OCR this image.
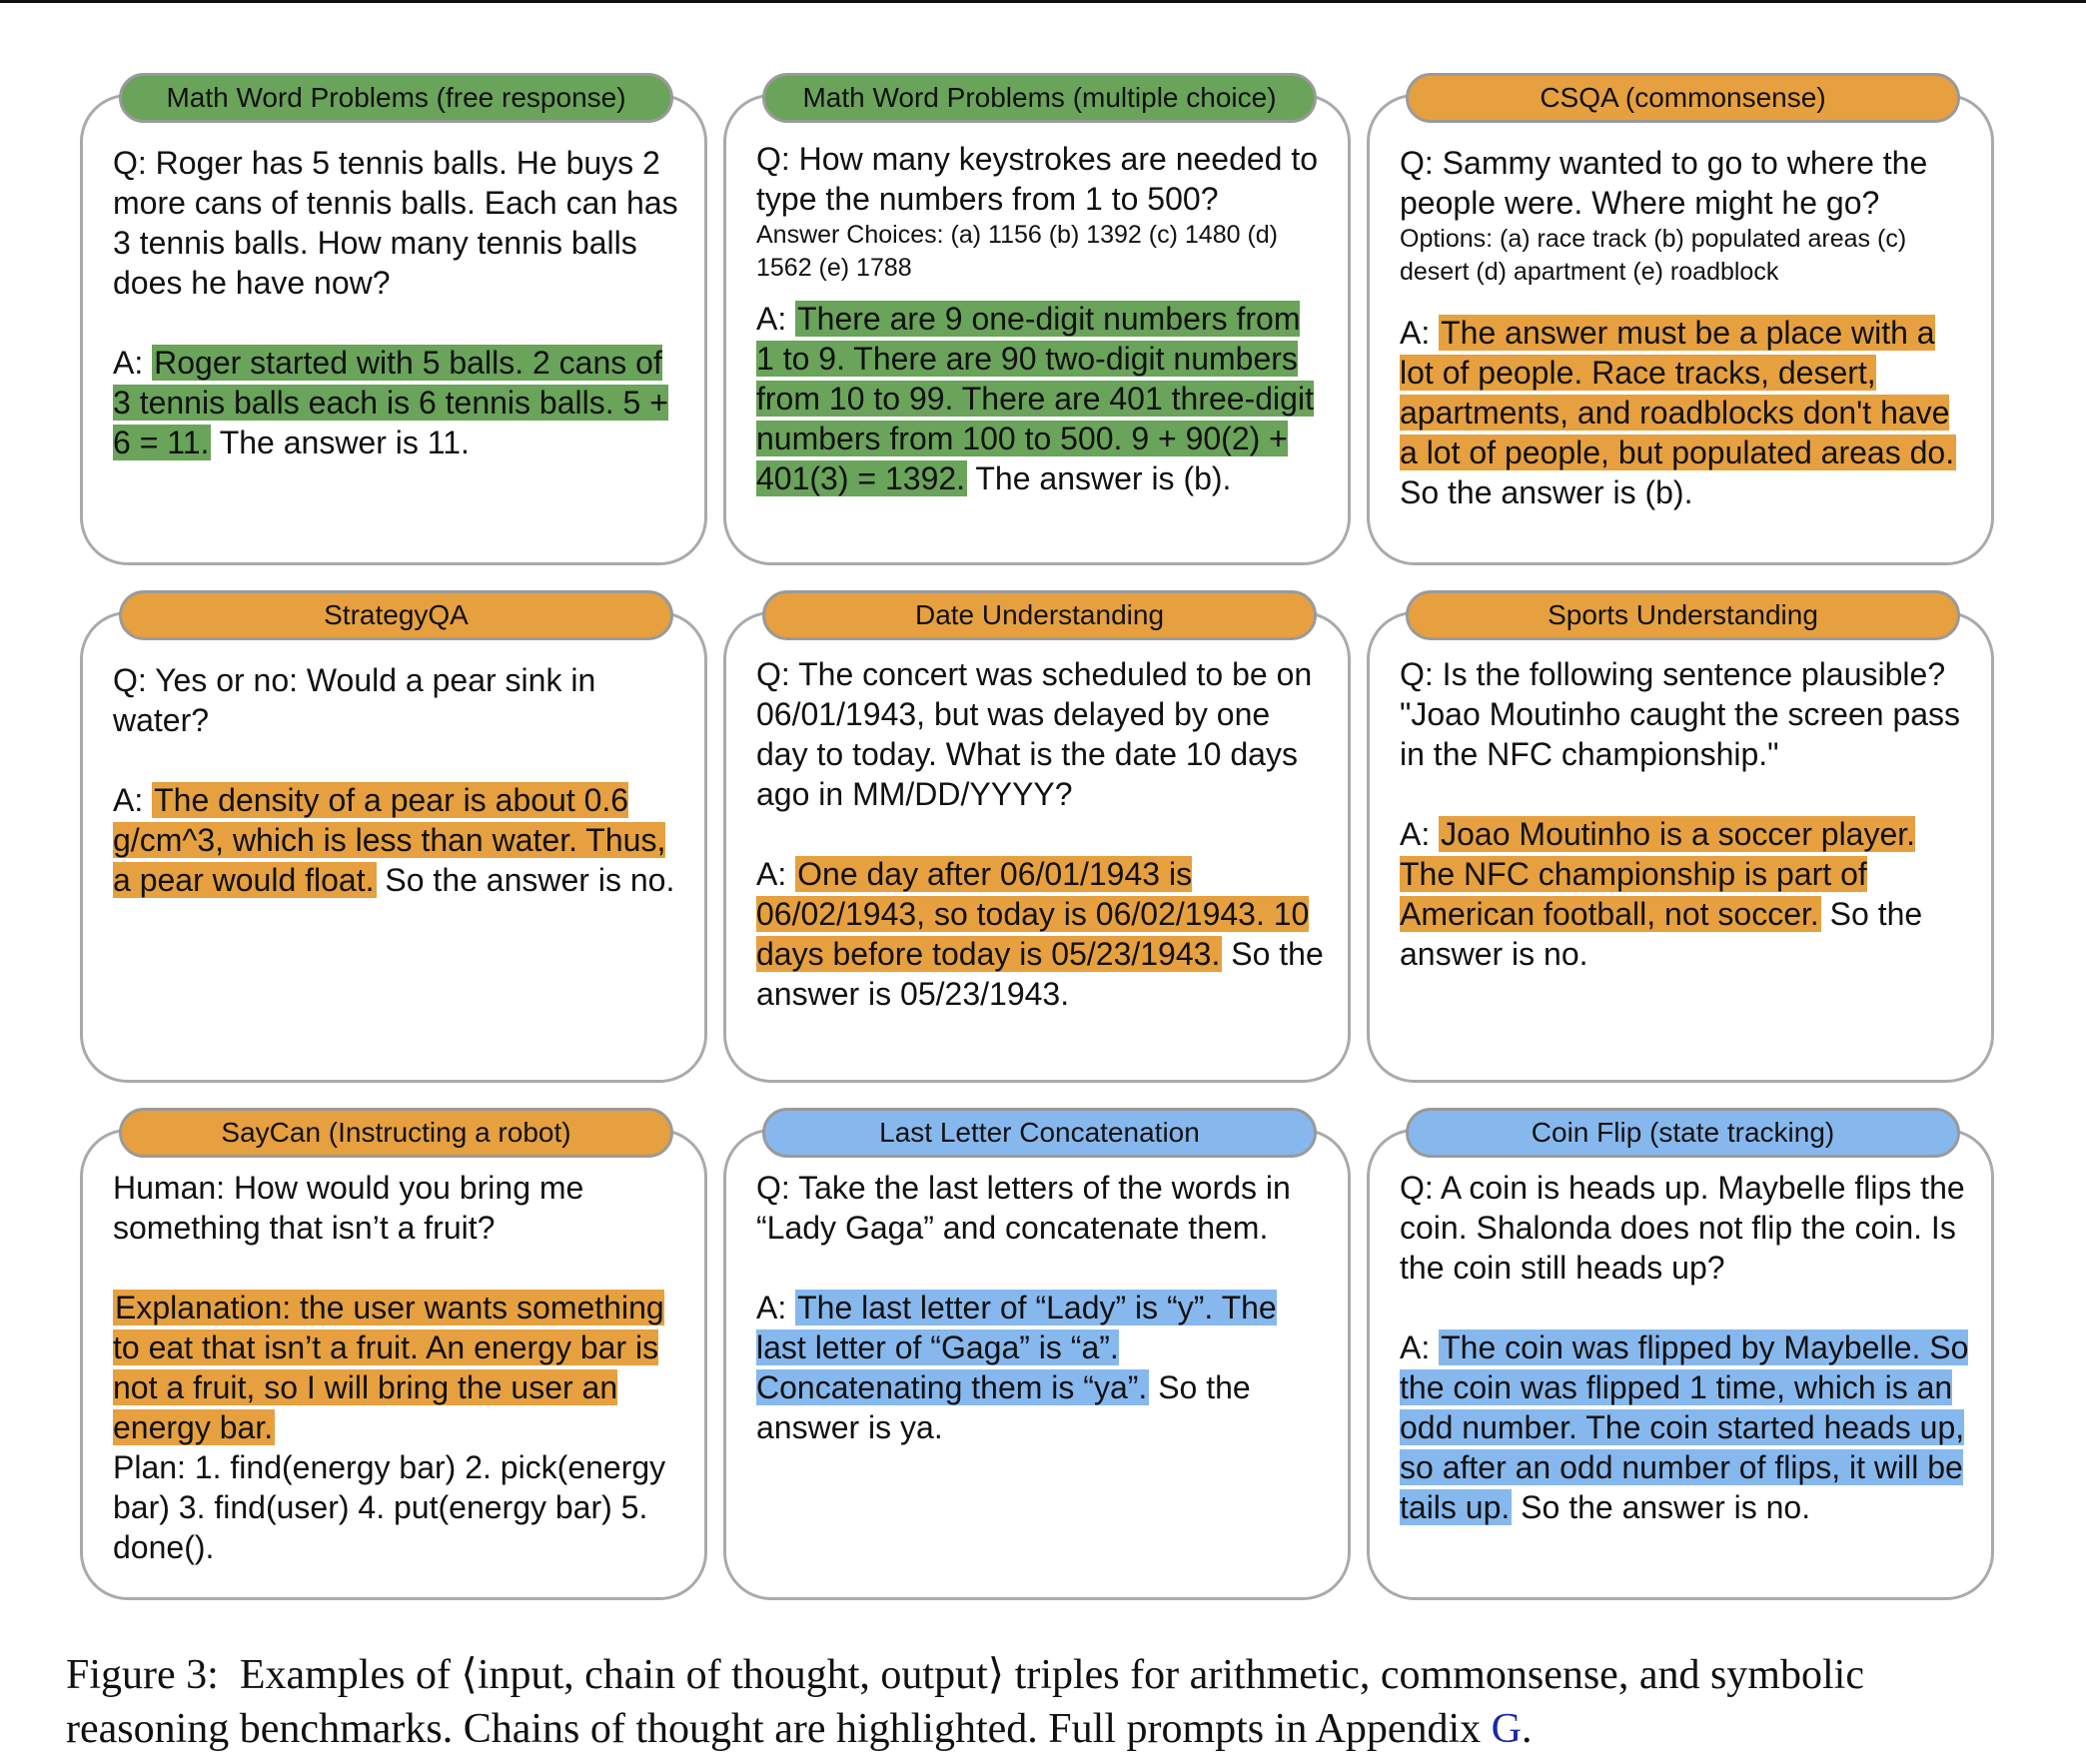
Math Word Problems (free response)

Q: Roger has 5 tennis balls. He buys 2 more cans of tennis balls. Each can has 3 tennis balls. How many tennis balls does he have now?

A: Roger started with 5 balls. 2 cans of 3 tennis balls each is 6 tennis balls. 5 + 6 = 11. The answer is 11.

Math Word Problems (multiple choice)

Q: How many keystrokes are needed to type the numbers from 1 to 500?

Answer Choices: (a) 1156 (b) 1392 (c) 1480 (d) 1562 (e) 1788

A: There are 9 one-digit numbers from 1 to 9. There are 90 two-digit numbers from 10 to 99. There are 401 three-digit numbers from 100 to 500. 9 + 90(2) + 401(3) = 1392. The answer is (b).

CSQA (commonsense)

Q: Sammy wanted to go to where the people were. Where might he go?

Options: (a) race track (b) populated areas (c) desert (d) apartment (e) roadblock

A: The answer must be a place with a lot of people. Race tracks, desert, apartments, and roadblocks don't have a lot of people, but populated areas do. So the answer is (b).

StrategyQA

Q: Yes or no: Would a pear sink in water?

A: The density of a pear is about 0.6 g/cm^3, which is less than water. Thus, a pear would float. So the answer is no.

Date Understanding

Q: The concert was scheduled to be on 06/01/1943, but was delayed by one day to today. What is the date 10 days ago in MM/DD/YYYY?

A: One day after 06/01/1943 is 06/02/1943, so today is 06/02/1943. 10 days before today is 05/23/1943. So the answer is 05/23/1943.

Sports Understanding

Q: Is the following sentence plausible? "Joao Moutinho caught the screen pass in the NFC championship."

A: Joao Moutinho is a soccer player. The NFC championship is part of American football, not soccer. So the answer is no.

SayCan (Instructing a robot)

Human: How would you bring me something that isn’t a fruit?

Explanation: the user wants something to eat that isn’t a fruit. An energy bar is not a fruit, so I will bring the user an energy bar.

Plan: 1. find(energy bar) 2. pick(energy bar) 3. find(user) 4. put(energy bar) 5. done().

Last Letter Concatenation

Q: Take the last letters of the words in “Lady Gaga” and concatenate them.

A: The last letter of “Lady” is “y”. The last letter of “Gaga” is “a”. Concatenating them is “ya”. So the answer is ya.

Coin Flip (state tracking)

Q: A coin is heads up. Maybelle flips the coin. Shalonda does not flip the coin. Is the coin still heads up?

A: The coin was flipped by Maybelle. So the coin was flipped 1 time, which is an odd number. The coin started heads up, so after an odd number of flips, it will be tails up. So the answer is no.

Figure 3: Examples of ⟨input, chain of thought, output⟩ triples for arithmetic, commonsense, and symbolic reasoning benchmarks. Chains of thought are highlighted. Full prompts in Appendix G.
